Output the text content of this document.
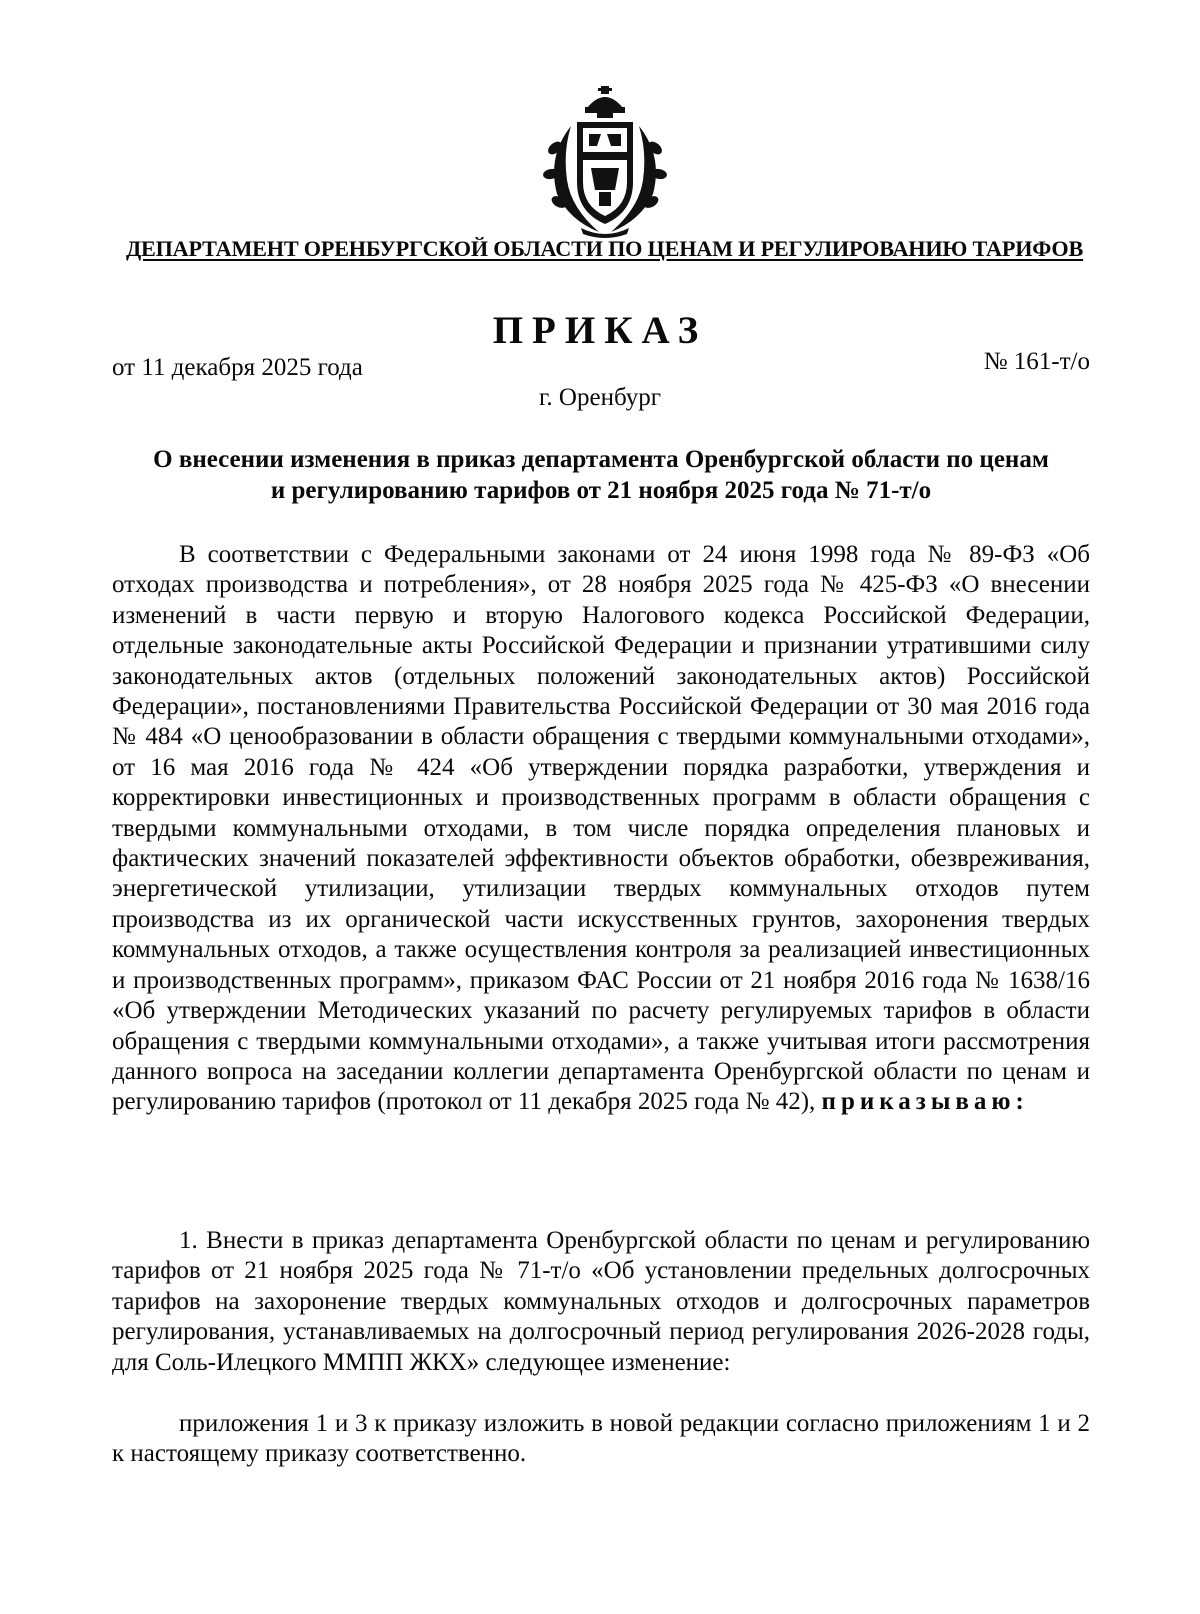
ДЕПАРТАМЕНТ ОРЕНБУРГСКОЙ ОБЛАСТИ ПО ЦЕНАМ И РЕГУЛИРОВАНИЮ ТАРИФОВ
ПРИКАЗ
от 11 декабря 2025 года	№ 161-т/о
г. Оренбург
О внесении изменения в приказ департамента Оренбургской области по ценам
и регулированию тарифов от 21 ноября 2025 года № 71-т/о

В соответствии с Федеральными законами от 24 июня 1998 года № 89-ФЗ «Об отходах производства и потребления», от 28 ноября 2025 года № 425-ФЗ «О внесении изменений в части первую и вторую Налогового кодекса Российской Федерации, отдельные законодательные акты Российской Федерации и признании утратившими силу законодательных актов (отдельных положений законодательных актов) Российской Федерации», постановлениями Правительства Российской Федерации от 30 мая 2016 года № 484 «О ценообразовании в области обращения с твердыми коммунальными отходами», от 16 мая 2016 года № 424 «Об утверждении порядка разработки, утверждения и корректировки инвестиционных и производственных программ в области обращения с твердыми коммунальными отходами, в том числе порядка определения плановых и фактических значений показателей эффективности объектов обработки, обезвреживания, энергетической утилизации, утилизации твердых коммунальных отходов путем производства из их органической части искусственных грунтов, захоронения твердых коммунальных отходов, а также осуществления контроля за реализацией инвестиционных и производственных программ», приказом ФАС России от 21 ноября 2016 года № 1638/16 «Об утверждении Методических указаний по расчету регулируемых тарифов в области обращения с твердыми коммунальными отходами», а также учитывая итоги рассмотрения данного вопроса на заседании коллегии департамента Оренбургской области по ценам и регулированию тарифов (протокол от 11 декабря 2025 года № 42), приказываю:

1. Внести в приказ департамента Оренбургской области по ценам и регулированию тарифов от 21 ноября 2025 года № 71-т/о «Об установлении предельных долгосрочных тарифов на захоронение твердых коммунальных отходов и долгосрочных параметров регулирования, устанавливаемых на долгосрочный период регулирования 2026-2028 годы, для Соль-Илецкого ММПП ЖКХ» следующее изменение:

приложения 1 и 3 к приказу изложить в новой редакции согласно приложениям 1 и 2 к настоящему приказу соответственно.
